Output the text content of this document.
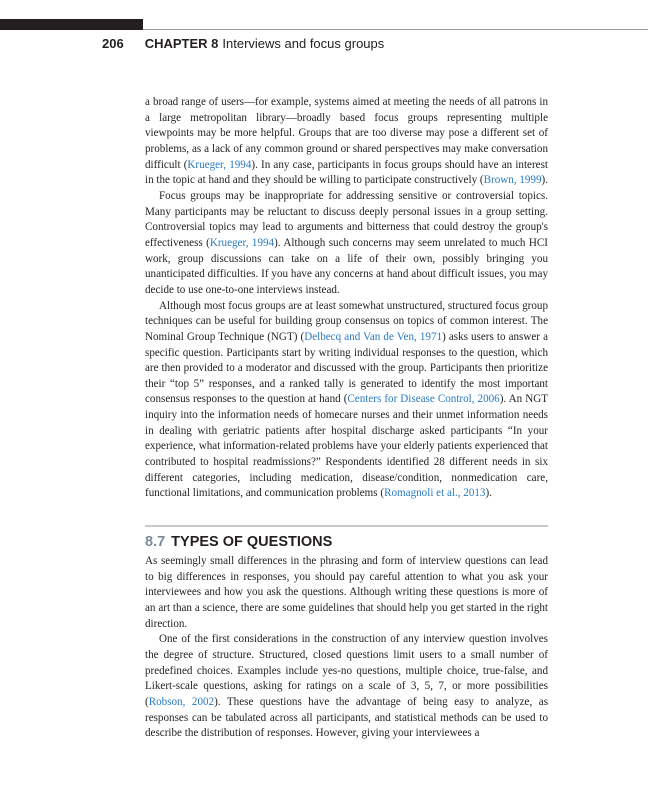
206 CHAPTER 8 Interviews and focus groups

a broad range of users—for example, systems aimed at meeting the needs of all patrons in a large metropolitan library—broadly based focus groups representing multiple viewpoints may be more helpful. Groups that are too diverse may pose a different set of problems, as a lack of any common ground or shared perspectives may make conversation difficult (Krueger, 1994). In any case, participants in focus groups should have an interest in the topic at hand and they should be willing to participate constructively (Brown, 1999).

Focus groups may be inappropriate for addressing sensitive or controversial topics. Many participants may be reluctant to discuss deeply personal issues in a group setting. Controversial topics may lead to arguments and bitterness that could destroy the group's effectiveness (Krueger, 1994). Although such concerns may seem unrelated to much HCI work, group discussions can take on a life of their own, possibly bringing you unanticipated difficulties. If you have any concerns at hand about difficult issues, you may decide to use one-to-one interviews instead.

Although most focus groups are at least somewhat unstructured, structured focus group techniques can be useful for building group consensus on topics of common interest. The Nominal Group Technique (NGT) (Delbecq and Van de Ven, 1971) asks users to answer a specific question. Participants start by writing individual responses to the question, which are then provided to a moderator and discussed with the group. Participants then prioritize their “top 5” responses, and a ranked tally is generated to identify the most important consensus responses to the question at hand (Centers for Disease Control, 2006). An NGT inquiry into the information needs of homecare nurses and their unmet information needs in dealing with geriatric patients after hospital discharge asked participants “In your experience, what information-related problems have your elderly patients experienced that contributed to hospital readmissions?” Respondents identified 28 different needs in six different categories, including medication, disease/condition, nonmedication care, functional limitations, and communication problems (Romagnoli et al., 2013).

8.7 TYPES OF QUESTIONS

As seemingly small differences in the phrasing and form of interview questions can lead to big differences in responses, you should pay careful attention to what you ask your interviewees and how you ask the questions. Although writing these questions is more of an art than a science, there are some guidelines that should help you get started in the right direction.

One of the first considerations in the construction of any interview question involves the degree of structure. Structured, closed questions limit users to a small number of predefined choices. Examples include yes-no questions, multiple choice, true-false, and Likert-scale questions, asking for ratings on a scale of 3, 5, 7, or more possibilities (Robson, 2002). These questions have the advantage of being easy to analyze, as responses can be tabulated across all participants, and statistical methods can be used to describe the distribution of responses. However, giving your interviewees a
